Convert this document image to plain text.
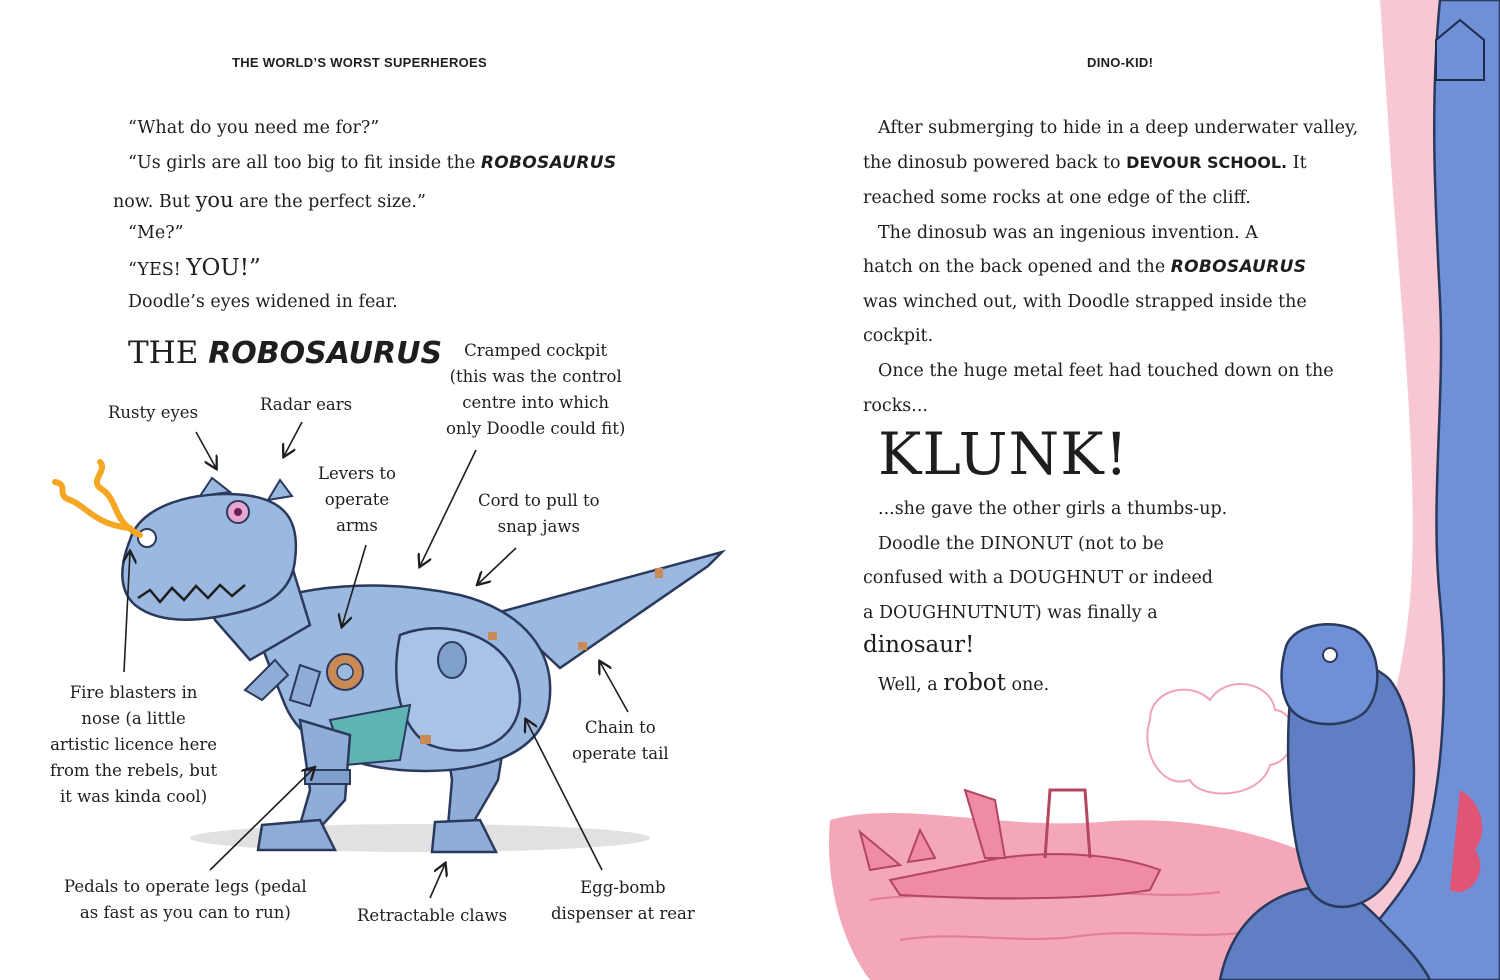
THE WORLD’S WORST SUPERHEROES

“What do you need me for?”

“Us girls are all too big to fit inside the ROBOSAURUS

now. But you are the perfect size.”

“Me?”

“YES! YOU!”

Doodle’s eyes widened in fear.

THE ROBOSAURUS
Rusty eyes	Radar ears
Cramped cockpit
(this was the control
centre into which
only Doodle could fit)
Levers to
operate
arms
Cord to pull to
snap jaws
Fire blasters in
nose (a little
artistic licence here
from the rebels, but
it was kinda cool)
Chain to
operate tail
Pedals to operate legs (pedal
as fast as you can to run)	Retractable claws
Egg-bomb
dispenser at rear
DINO-KID!

After submerging to hide in a deep underwater valley,

the dinosub powered back to DEVOUR SCHOOL. It

reached some rocks at one edge of the cliff.

The dinosub was an ingenious invention. A

hatch on the back opened and the ROBOSAURUS

was winched out, with Doodle strapped inside the

cockpit.

Once the huge metal feet had touched down on the

rocks...

KLUNK!

...she gave the other girls a thumbs-up.

Doodle the DINONUT (not to be

confused with a DOUGHNUT or indeed

a DOUGHNUTNUT) was finally a

dinosaur!

Well, a robot one.
